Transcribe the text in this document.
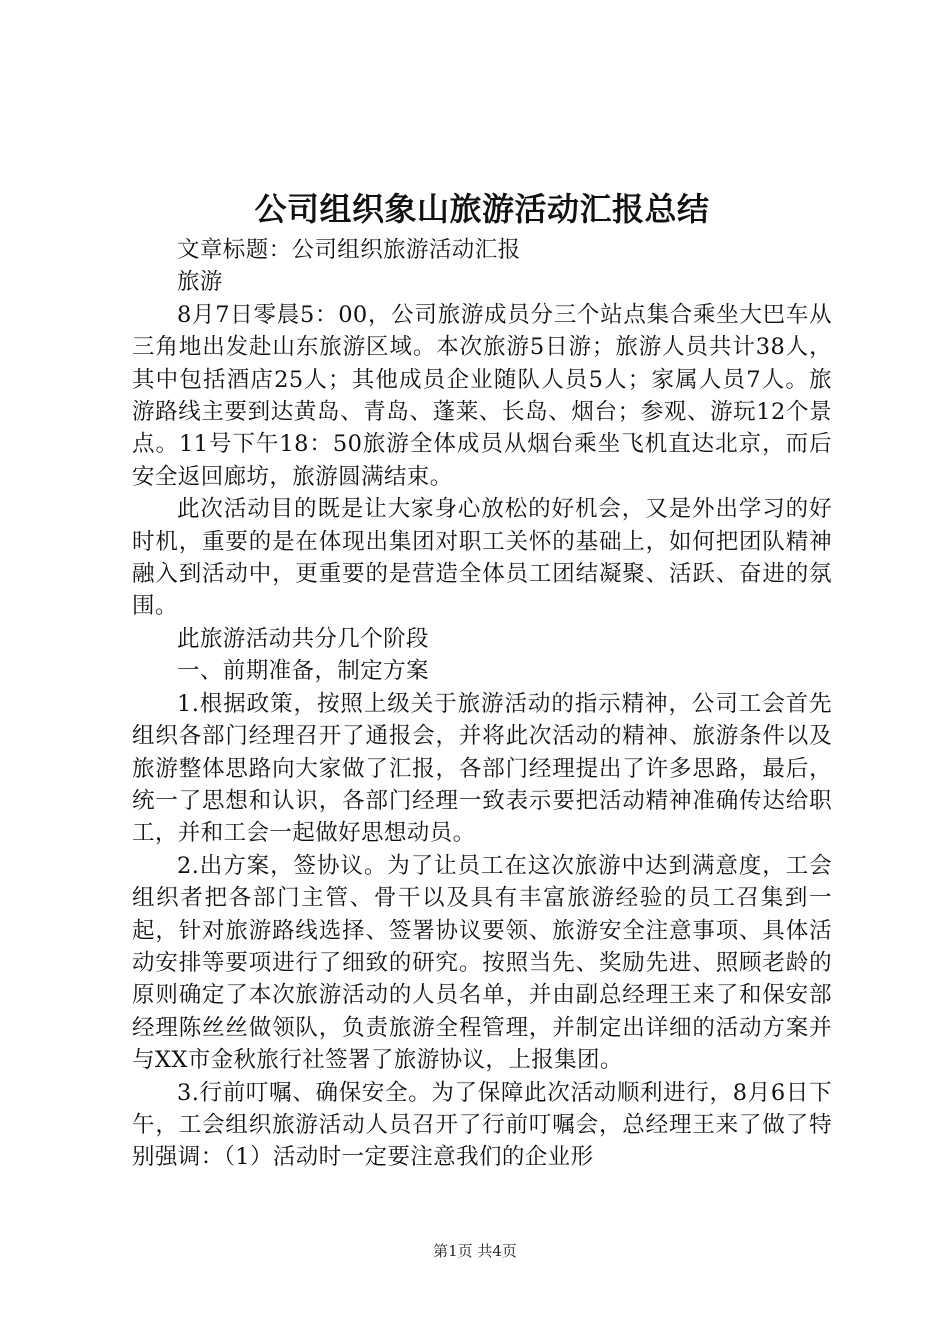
公司组织象山旅游活动汇报总结

文章标题：公司组织旅游活动汇报

旅游

8月7日零晨5：00，公司旅游成员分三个站点集合乘坐大巴车从三角地出发赴山东旅游区域。本次旅游5日游；旅游人员共计38人，其中包括酒店25人；其他成员企业随队人员5人；家属人员7人。旅游路线主要到达黄岛、青岛、蓬莱、长岛、烟台；参观、游玩12个景点。11号下午18：50旅游全体成员从烟台乘坐飞机直达北京，而后安全返回廊坊，旅游圆满结束。

此次活动目的既是让大家身心放松的好机会，又是外出学习的好时机，重要的是在体现出集团对职工关怀的基础上，如何把团队精神融入到活动中，更重要的是营造全体员工团结凝聚、活跃、奋进的氛围。

此旅游活动共分几个阶段

一、前期准备，制定方案

1.根据政策，按照上级关于旅游活动的指示精神，公司工会首先组织各部门经理召开了通报会，并将此次活动的精神、旅游条件以及旅游整体思路向大家做了汇报，各部门经理提出了许多思路，最后，统一了思想和认识，各部门经理一致表示要把活动精神准确传达给职工，并和工会一起做好思想动员。

2.出方案，签协议。为了让员工在这次旅游中达到满意度，工会组织者把各部门主管、骨干以及具有丰富旅游经验的员工召集到一起，针对旅游路线选择、签署协议要领、旅游安全注意事项、具体活动安排等要项进行了细致的研究。按照当先、奖励先进、照顾老龄的原则确定了本次旅游活动的人员名单，并由副总经理王来了和保安部经理陈丝丝做领队，负责旅游全程管理，并制定出详细的活动方案并与XX市金秋旅行社签署了旅游协议，上报集团。

3.行前叮嘱、确保安全。为了保障此次活动顺利进行，8月6日下午，工会组织旅游活动人员召开了行前叮嘱会，总经理王来了做了特别强调：（1）活动时一定要注意我们的企业形

第1页 共4页
